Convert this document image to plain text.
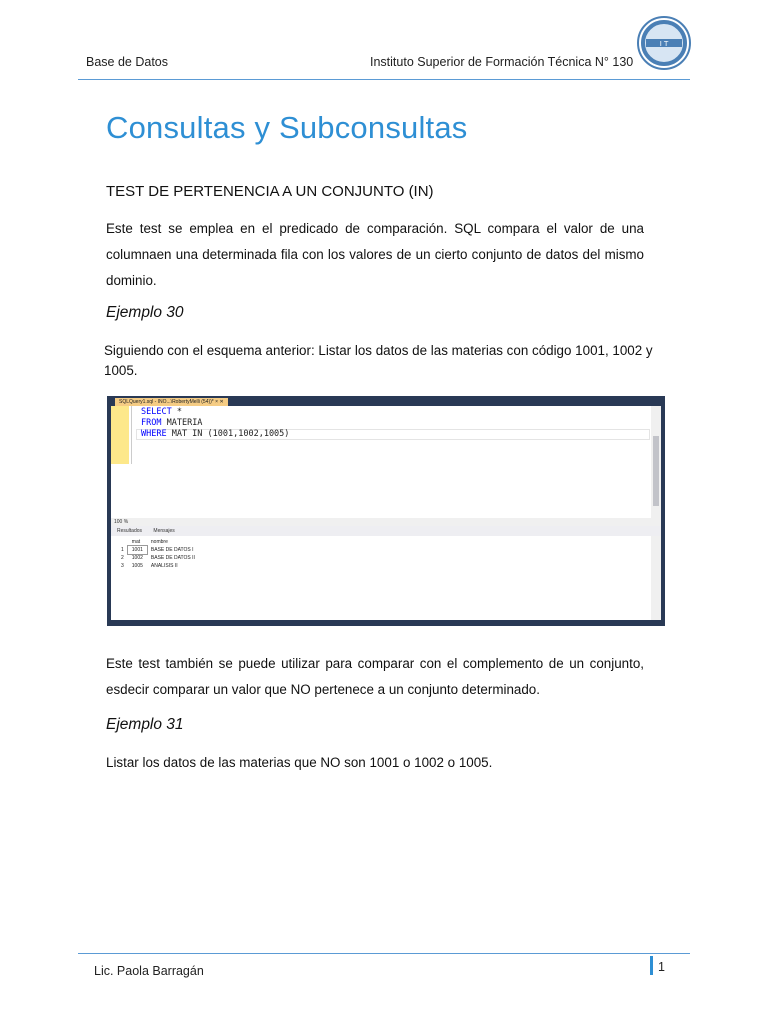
Base de Datos	Instituto Superior de Formación Técnica N° 130
I T
Consultas y Subconsultas
TEST DE PERTENENCIA A UN CONJUNTO (IN)
Este test se emplea en el predicado de comparación. SQL compara el valor de una columnaen una determinada fila con los valores de un cierto conjunto de datos del mismo dominio.
Ejemplo 30
Siguiendo con el esquema anterior: Listar los datos de las materias con código 1001, 1002 y 1005.
SQLQuery1.sql - INO...\RobertyMelli (54))* × ✕
SELECT *
FROM MATERIA
WHERE MAT IN (1001,1002,1005)
100 %
Resultados Mensajes
	mat	nombre
1	1001	BASE DE DATOS I
2	1002	BASE DE DATOS II
3	1005	ANALISIS II
Este test también se puede utilizar para comparar con el complemento de un conjunto, esdecir comparar un valor que NO pertenece a un conjunto determinado.
Ejemplo 31
Listar los datos de las materias que NO son 1001 o 1002 o 1005.
Lic. Paola Barragán	1
